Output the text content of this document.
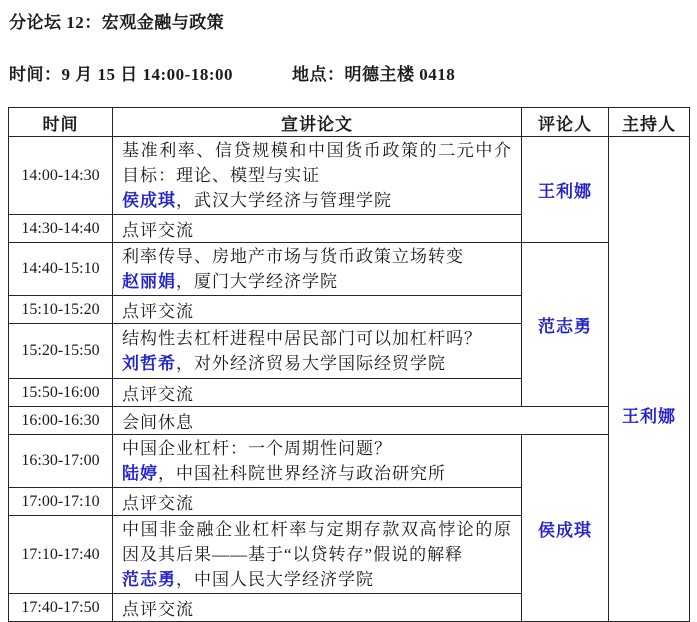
分论坛 12：宏观金融与政策
时间：9 月 15 日 14:00-18:00	地点：明德主楼 0418
时间	宣讲论文	评论人	主持人
14:00-14:30	基准利率、信贷规模和中国货币政策的二元中介目标：理论、模型与实证
侯成琪，武汉大学经济与管理学院	王利娜	王利娜
14:30-14:40	点评交流		
14:40-15:10	利率传导、房地产市场与货币政策立场转变
赵丽娟，厦门大学经济学院	范志勇	
15:10-15:20	点评交流		
15:20-15:50	结构性去杠杆进程中居民部门可以加杠杆吗？
刘哲希，对外经济贸易大学国际经贸学院		

15:50-16:00	点评交流		
16:00-16:30	会间休息		
16:30-17:00	中国企业杠杆：一个周期性问题？
陆婷，中国社科院世界经济与政治研究所	侯成琪	
17:00-17:10	点评交流		
17:10-17:40	中国非金融企业杠杆率与定期存款双高悖论的原因及其后果——基于“以贷转存”假说的解释
范志勇，中国人民大学经济学院		

17:40-17:50	点评交流		
